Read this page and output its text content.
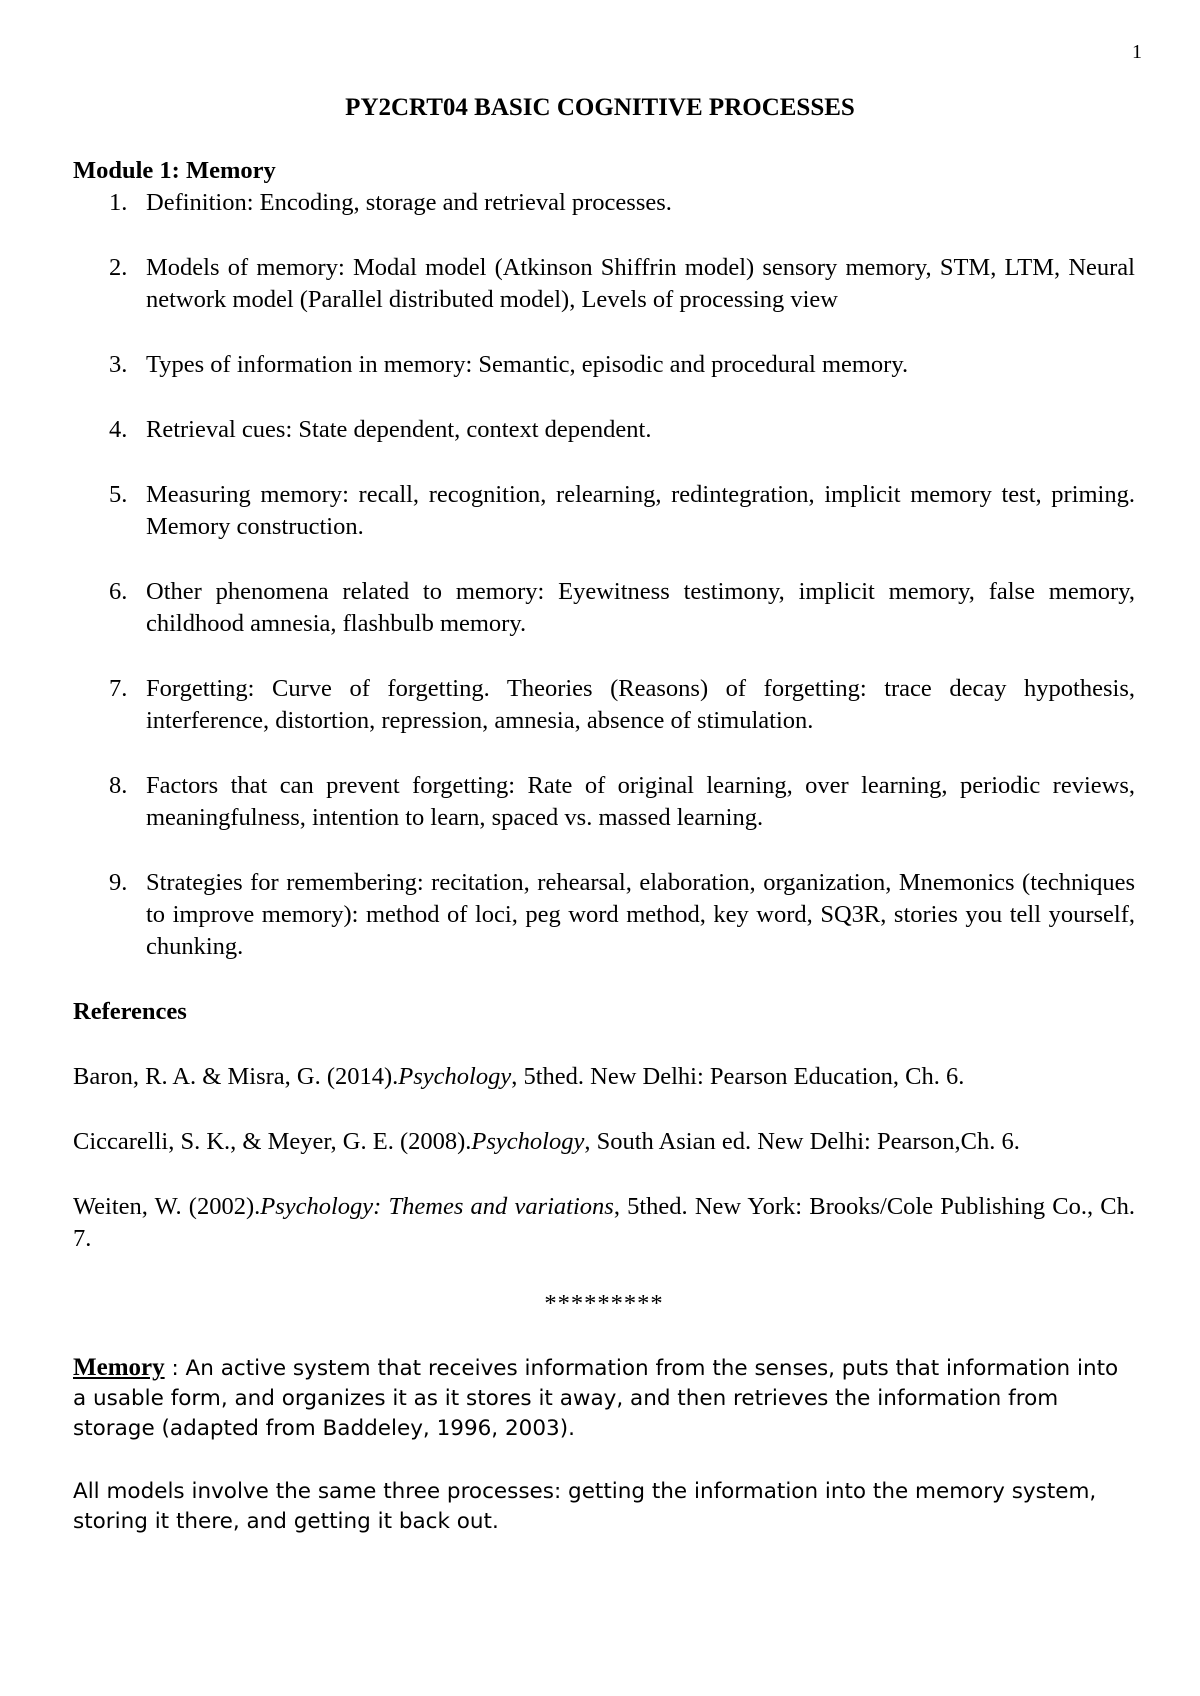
1
PY2CRT04 BASIC COGNITIVE PROCESSES

Module 1: Memory

1. Definition: Encoding, storage and retrieval processes.
2. Models of memory: Modal model (Atkinson Shiffrin model) sensory memory, STM, LTM, Neural network model (Parallel distributed model), Levels of processing view
3. Types of information in memory: Semantic, episodic and procedural memory.
4. Retrieval cues: State dependent, context dependent.
5. Measuring memory: recall, recognition, relearning, redintegration, implicit memory test, priming. Memory construction.
6. Other phenomena related to memory: Eyewitness testimony, implicit memory, false memory, childhood amnesia, flashbulb memory.
7. Forgetting: Curve of forgetting. Theories (Reasons) of forgetting: trace decay hypothesis, interference, distortion, repression, amnesia, absence of stimulation.
8. Factors that can prevent forgetting: Rate of original learning, over learning, periodic reviews, meaningfulness, intention to learn, spaced vs. massed learning.
9. Strategies for remembering: recitation, rehearsal, elaboration, organization, Mnemonics (techniques to improve memory): method of loci, peg word method, key word, SQ3R, stories you tell yourself, chunking.

References

Baron, R. A. & Misra, G. (2014).Psychology, 5thed. New Delhi: Pearson Education, Ch. 6.

Ciccarelli, S. K., & Meyer, G. E. (2008).Psychology, South Asian ed. New Delhi: Pearson,Ch. 6.

Weiten, W. (2002).Psychology: Themes and variations, 5thed. New York: Brooks/Cole Publishing Co., Ch. 7.

*********

Memory : An active system that receives information from the senses, puts that information into a usable form, and organizes it as it stores it away, and then retrieves the information from storage (adapted from Baddeley, 1996, 2003).

All models involve the same three processes: getting the information into the memory system, storing it there, and getting it back out.
